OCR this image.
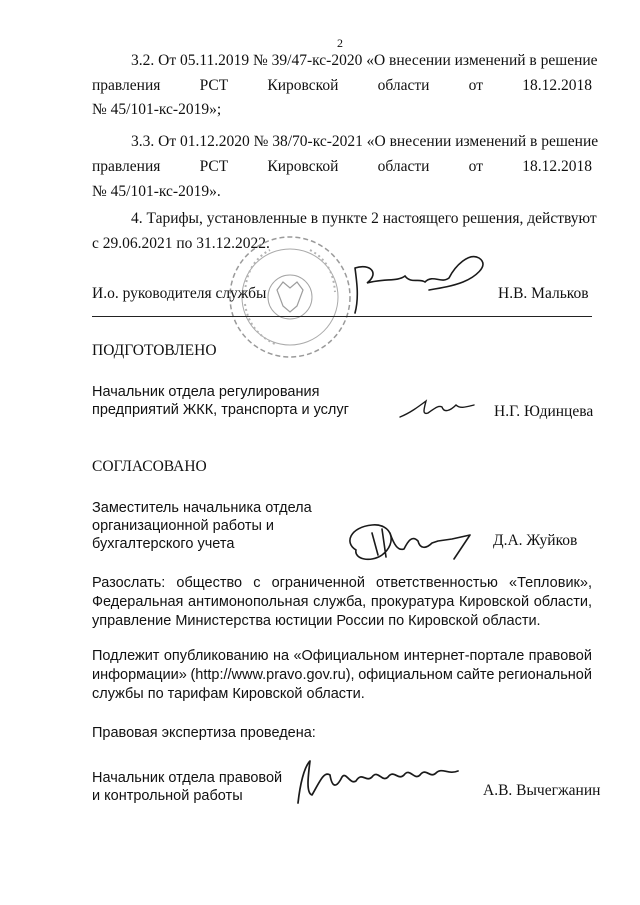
2
3.2. От 05.11.2019 № 39/47-кс-2020 «О внесении изменений в решение
правления	РСТ	Кировской	области	от	18.12.2018
№ 45/101-кс-2019»;
3.3. От 01.12.2020 № 38/70-кс-2021 «О внесении изменений в решение
правления	РСТ	Кировской	области	от	18.12.2018
№ 45/101-кс-2019».
4. Тарифы, установленные в пункте 2 настоящего решения, действуют
с 29.06.2021 по 31.12.2022.
И.о. руководителя службы	Н.В. Мальков
ПОДГОТОВЛЕНО
Начальник отдела регулирования
предприятий ЖКК, транспорта и услуг	Н.Г. Юдинцева
СОГЛАСОВАНО
Заместитель начальника отдела
организационной работы и
бухгалтерского учета	Д.А. Жуйков
Разослать: общество с ограниченной ответственностью «Тепловик»,
Федеральная антимонопольная служба, прокуратура Кировской области,
управление Министерства юстиции России по Кировской области.
Подлежит опубликованию на «Официальном интернет-портале правовой
информации» (http://www.pravo.gov.ru), официальном сайте региональной
службы по тарифам Кировской области.
Правовая экспертиза проведена:
Начальник отдела правовой
и контрольной работы	А.В. Вычегжанин
